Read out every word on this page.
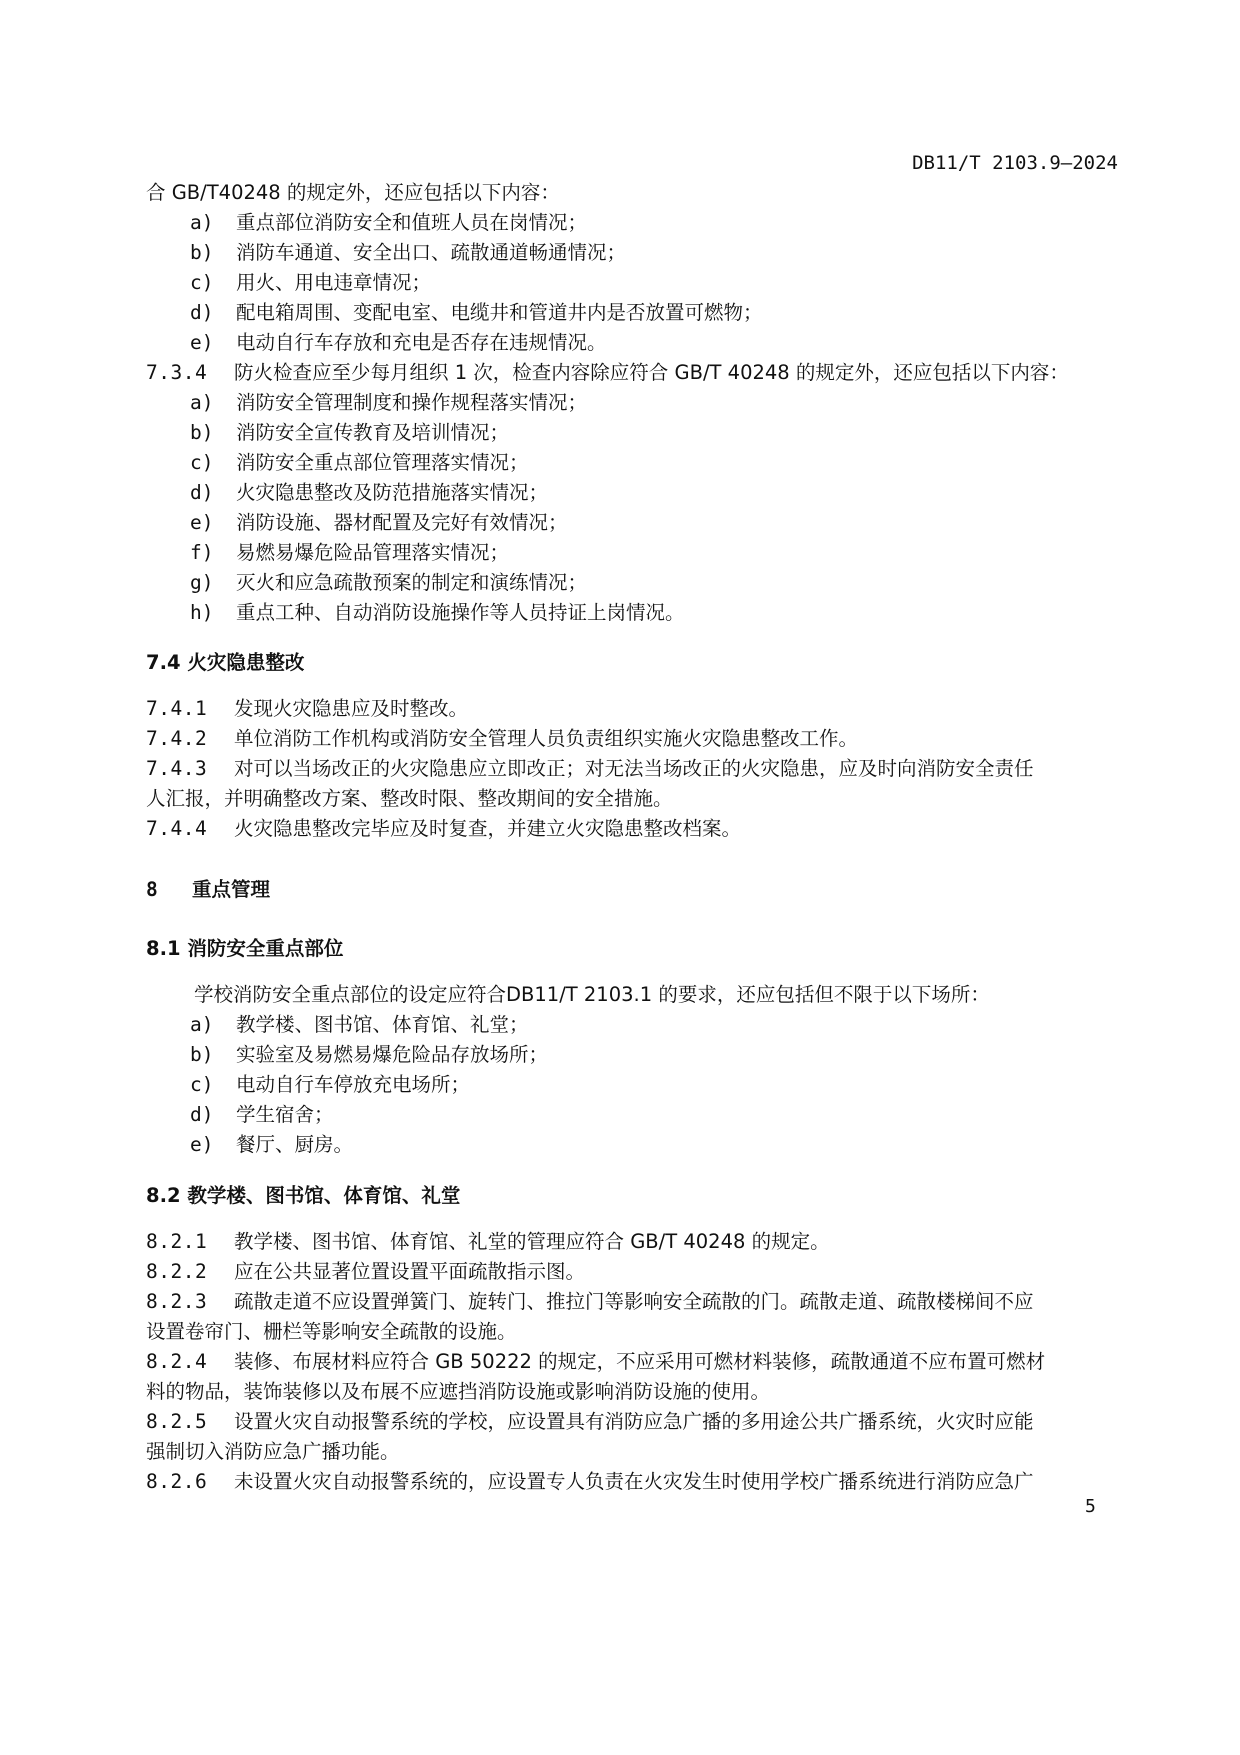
DB11/T 2103.9—2024
合 GB/T40248 的规定外，还应包括以下内容：
a) 重点部位消防安全和值班人员在岗情况；
b) 消防车通道、安全出口、疏散通道畅通情况；
c) 用火、用电违章情况；
d) 配电箱周围、变配电室、电缆井和管道井内是否放置可燃物；
e) 电动自行车存放和充电是否存在违规情况。
7.3.4 防火检查应至少每月组织 1 次，检查内容除应符合 GB/T 40248 的规定外，还应包括以下内容：
a) 消防安全管理制度和操作规程落实情况；
b) 消防安全宣传教育及培训情况；
c) 消防安全重点部位管理落实情况；
d) 火灾隐患整改及防范措施落实情况；
e) 消防设施、器材配置及完好有效情况；
f) 易燃易爆危险品管理落实情况；
g) 灭火和应急疏散预案的制定和演练情况；
h) 重点工种、自动消防设施操作等人员持证上岗情况。
7.4 火灾隐患整改
7.4.1 发现火灾隐患应及时整改。
7.4.2 单位消防工作机构或消防安全管理人员负责组织实施火灾隐患整改工作。
7.4.3 对可以当场改正的火灾隐患应立即改正；对无法当场改正的火灾隐患，应及时向消防安全责任
人汇报，并明确整改方案、整改时限、整改期间的安全措施。
7.4.4 火灾隐患整改完毕应及时复查，并建立火灾隐患整改档案。
8 重点管理
8.1 消防安全重点部位
学校消防安全重点部位的设定应符合DB11/T 2103.1 的要求，还应包括但不限于以下场所：
a) 教学楼、图书馆、体育馆、礼堂；
b) 实验室及易燃易爆危险品存放场所；
c) 电动自行车停放充电场所；
d) 学生宿舍；
e) 餐厅、厨房。
8.2 教学楼、图书馆、体育馆、礼堂
8.2.1 教学楼、图书馆、体育馆、礼堂的管理应符合 GB/T 40248 的规定。
8.2.2 应在公共显著位置设置平面疏散指示图。
8.2.3 疏散走道不应设置弹簧门、旋转门、推拉门等影响安全疏散的门。疏散走道、疏散楼梯间不应
设置卷帘门、栅栏等影响安全疏散的设施。
8.2.4 装修、布展材料应符合 GB 50222 的规定，不应采用可燃材料装修，疏散通道不应布置可燃材
料的物品，装饰装修以及布展不应遮挡消防设施或影响消防设施的使用。
8.2.5 设置火灾自动报警系统的学校，应设置具有消防应急广播的多用途公共广播系统，火灾时应能
强制切入消防应急广播功能。
8.2.6 未设置火灾自动报警系统的，应设置专人负责在火灾发生时使用学校广播系统进行消防应急广
5
